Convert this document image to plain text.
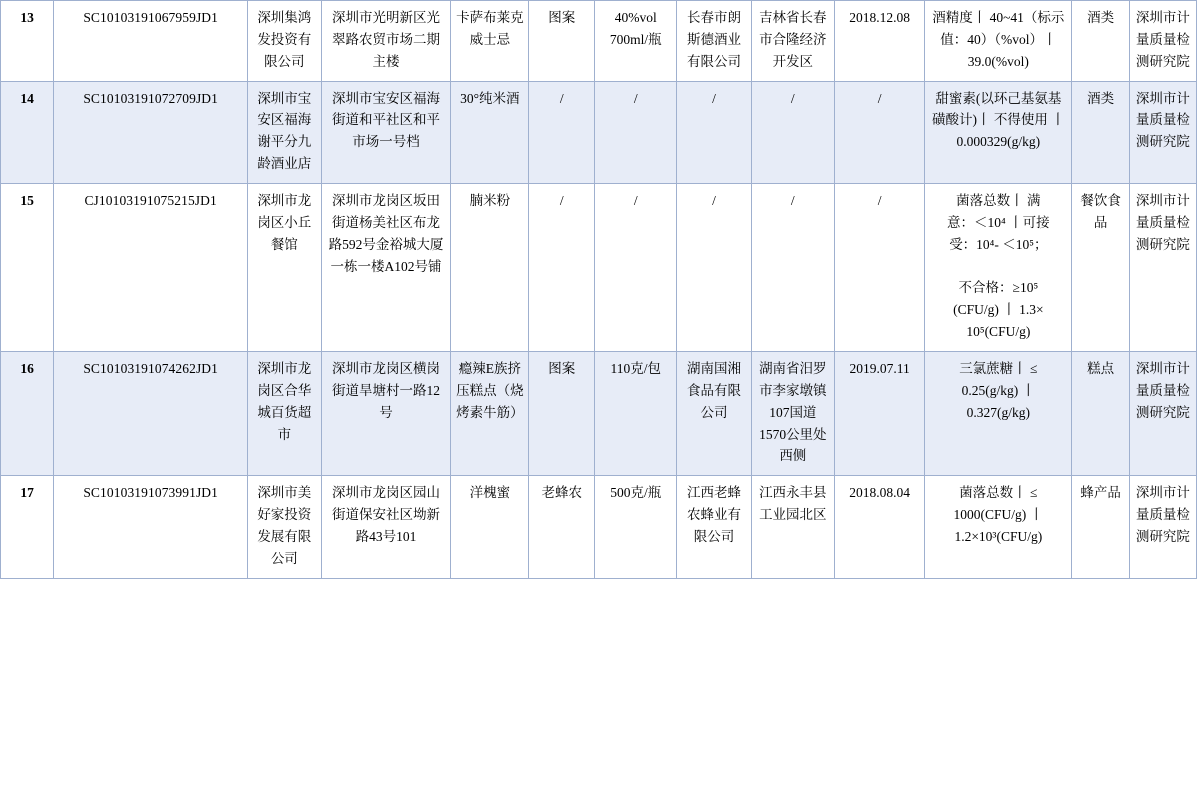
13	SC10103191067959JD1	深圳集鸿发投资有限公司	深圳市光明新区光翠路农贸市场二期主楼	卡萨布莱克威士忌	图案	40%vol 700ml/瓶	长春市朗斯德酒业有限公司	吉林省长春市合隆经济开发区	2018.12.08	酒精度丨 40~41（标示值：40）（%vol）丨 39.0(%vol)	酒类	深圳市计量质量检测研究院
14	SC10103191072709JD1	深圳市宝安区福海谢平分九龄酒业店	深圳市宝安区福海街道和平社区和平市场一号档	30°纯米酒	/	/	/	/	/	甜蜜素(以环己基氨基磺酸计)丨 不得使用 丨 0.000329(g/kg)	酒类	深圳市计量质量检测研究院
15	CJ10103191075215JD1	深圳市龙岗区小丘餐馆	深圳市龙岗区坂田街道杨美社区布龙路592号金裕城大厦一栋一楼A102号铺	腩米粉	/	/	/	/	/	菌落总数丨 满
意：＜10⁴ 丨可接
受：10⁴- ＜10⁵；

不合格：≥10⁵
(CFU/g) 丨 1.3×
10⁵(CFU/g)
	餐饮食品	深圳市计量质量检测研究院
16	SC10103191074262JD1	深圳市龙岗区合华城百货超市	深圳市龙岗区横岗街道旱塘村一路12号	瘾辣E族挤压糕点（烧烤素牛筋）	图案	110克/包	湖南国湘食品有限公司	湖南省汨罗市李家墩镇107国道1570公里处西侧	2019.07.11	三氯蔗糖丨 ≤ 0.25(g/kg) 丨 0.327(g/kg)	糕点	深圳市计量质量检测研究院
17	SC10103191073991JD1	深圳市美好家投资发展有限公司	深圳市龙岗区园山街道保安社区坳新路43号101	洋槐蜜	老蜂农	500克/瓶	江西老蜂农蜂业有限公司	江西永丰县工业园北区	2018.08.04	菌落总数丨 ≤ 1000(CFU/g) 丨 1.2×10³(CFU/g)	蜂产品	深圳市计量质量检测研究院
